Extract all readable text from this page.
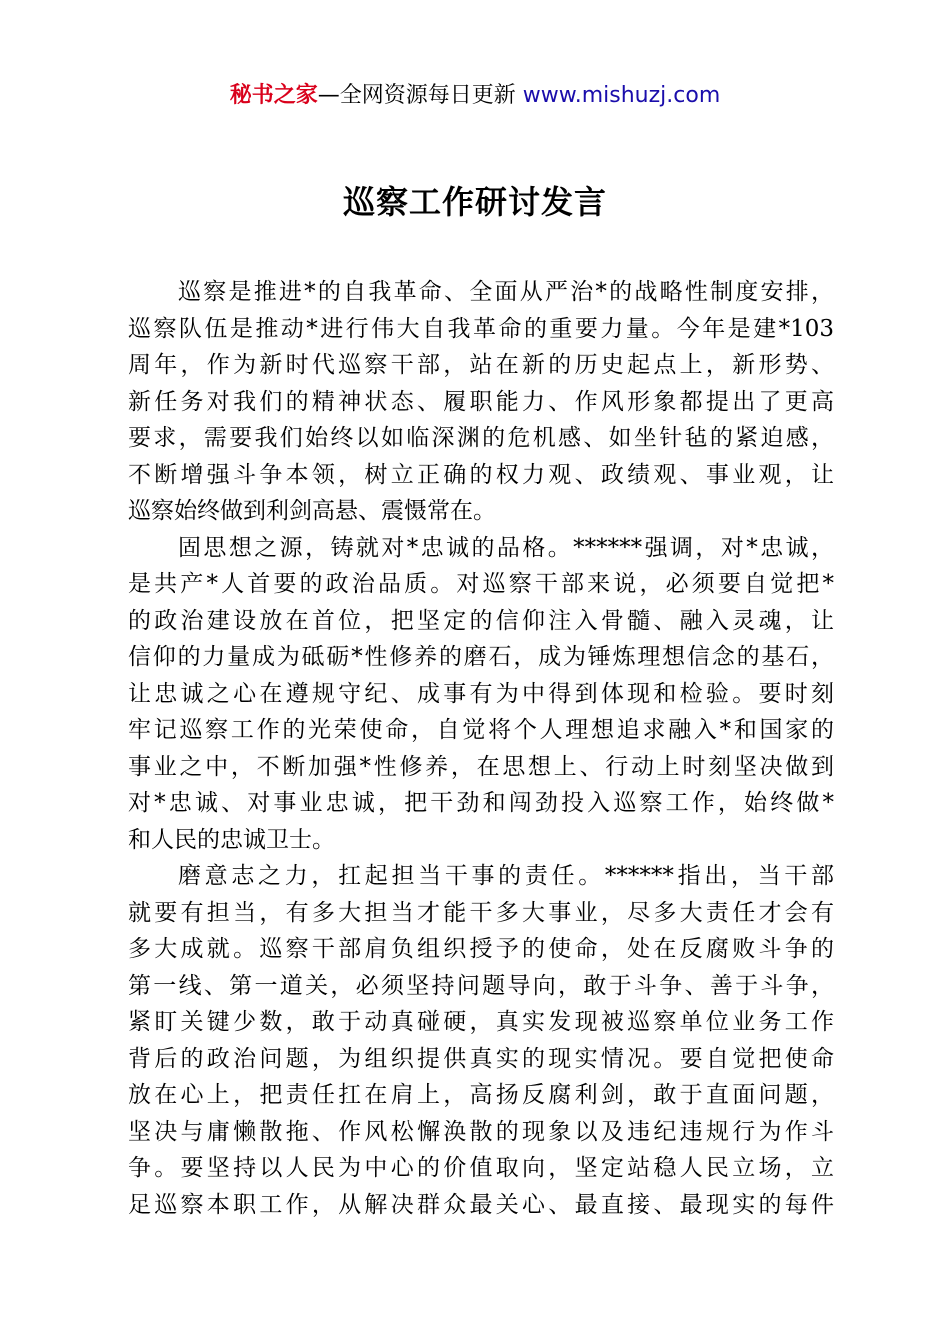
秘书之家—全网资源每日更新 www.mishuzj.com
巡察工作研讨发言
巡察是推进*的自我革命、全面从严治*的战略性制度安排，
巡察队伍是推动*进行伟大自我革命的重要力量。今年是建*103
周年，作为新时代巡察干部，站在新的历史起点上，新形势、
新任务对我们的精神状态、履职能力、作风形象都提出了更高
要求，需要我们始终以如临深渊的危机感、如坐针毡的紧迫感，
不断增强斗争本领，树立正确的权力观、政绩观、事业观，让
巡察始终做到利剑高悬、震慑常在。
固思想之源，铸就对*忠诚的品格。******强调，对*忠诚，
是共产*人首要的政治品质。对巡察干部来说，必须要自觉把*
的政治建设放在首位，把坚定的信仰注入骨髓、融入灵魂，让
信仰的力量成为砥砺*性修养的磨石，成为锤炼理想信念的基石，
让忠诚之心在遵规守纪、成事有为中得到体现和检验。要时刻
牢记巡察工作的光荣使命，自觉将个人理想追求融入*和国家的
事业之中，不断加强*性修养，在思想上、行动上时刻坚决做到
对*忠诚、对事业忠诚，把干劲和闯劲投入巡察工作，始终做*
和人民的忠诚卫士。
磨意志之力，扛起担当干事的责任。******指出，当干部
就要有担当，有多大担当才能干多大事业，尽多大责任才会有
多大成就。巡察干部肩负组织授予的使命，处在反腐败斗争的
第一线、第一道关，必须坚持问题导向，敢于斗争、善于斗争，
紧盯关键少数，敢于动真碰硬，真实发现被巡察单位业务工作
背后的政治问题，为组织提供真实的现实情况。要自觉把使命
放在心上，把责任扛在肩上，高扬反腐利剑，敢于直面问题，
坚决与庸懒散拖、作风松懈涣散的现象以及违纪违规行为作斗
争。要坚持以人民为中心的价值取向，坚定站稳人民立场，立
足巡察本职工作，从解决群众最关心、最直接、最现实的每件
